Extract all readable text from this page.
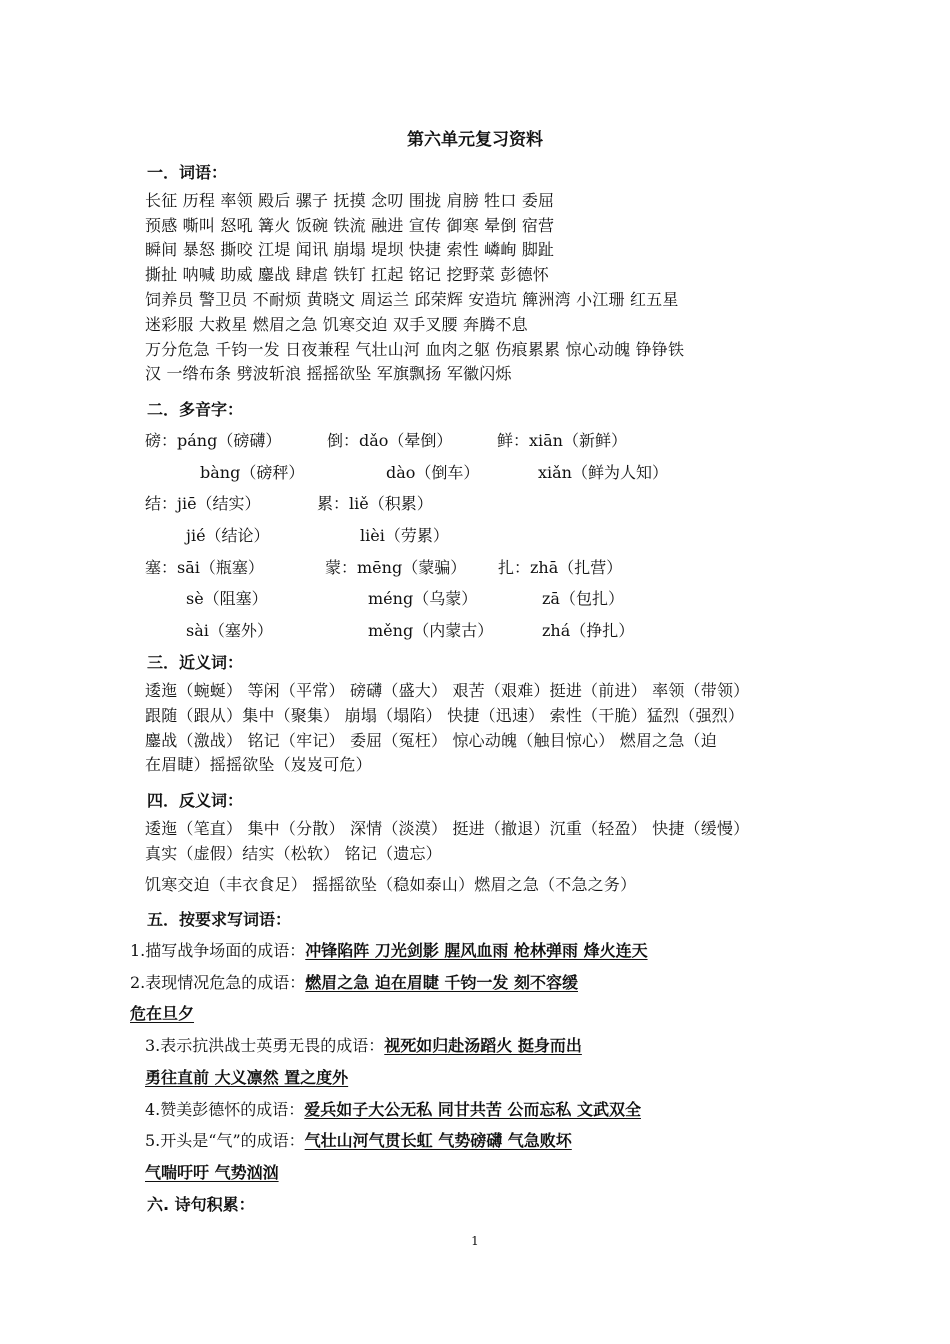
第六单元复习资料
一．词语：
长征 历程 率领 殿后 骡子 抚摸 念叨 围拢 肩膀 牲口 委屈
预感 嘶叫 怒吼 篝火 饭碗 铁流 融进 宣传 御寒 晕倒 宿营
瞬间 暴怒 撕咬 江堤 闻讯 崩塌 堤坝 快捷 索性 嶙峋 脚趾
撕扯 呐喊 助威 鏖战 肆虐 铁钉 扛起 铭记 挖野菜 彭德怀
饲养员 警卫员 不耐烦 黄晓文 周运兰 邱荣辉 安造坑 簰洲湾 小江珊 红五星
迷彩服 大救星 燃眉之急 饥寒交迫 双手叉腰 奔腾不息
万分危急 千钧一发 日夜兼程 气壮山河 血肉之躯 伤痕累累 惊心动魄 铮铮铁
汉 一绺布条 劈波斩浪 摇摇欲坠 军旗飘扬 军徽闪烁
二．多音字：
磅：páng（磅礴）	倒：dǎo（晕倒）	鲜：xiān（新鲜）
bàng（磅秤）	dào（倒车）	xiǎn（鲜为人知）
结：jiē（结实）	累：liě（积累）
jié（结论）	lièi（劳累）
塞：sāi（瓶塞）	蒙：mēng（蒙骗） 扎：zhā（扎营）
sè（阻塞）	méng（乌蒙）	zā（包扎）
sài（塞外）	měng（内蒙古）	zhá（挣扎）
三．近义词：
逶迤（蜿蜒） 等闲（平常） 磅礴（盛大） 艰苦（艰难）挺进（前进） 率领（带领）
跟随（跟从）集中（聚集） 崩塌（塌陷） 快捷（迅速） 索性（干脆）猛烈（强烈）
鏖战（激战） 铭记（牢记） 委屈（冤枉） 惊心动魄（触目惊心） 燃眉之急（迫
在眉睫）摇摇欲坠（岌岌可危）
四．反义词：
逶迤（笔直） 集中（分散） 深情（淡漠） 挺进（撤退）沉重（轻盈） 快捷（缓慢）
真实（虚假）结实（松软） 铭记（遗忘）
饥寒交迫（丰衣食足） 摇摇欲坠（稳如泰山）燃眉之急（不急之务）
五．按要求写词语：
1.描写战争场面的成语：冲锋陷阵 刀光剑影 腥风血雨 枪林弹雨 烽火连天
2.表现情况危急的成语：燃眉之急 迫在眉睫 千钧一发 刻不容缓
危在旦夕
3.表示抗洪战士英勇无畏的成语：视死如归赴汤蹈火 挺身而出
勇往直前 大义凛然 置之度外
4.赞美彭德怀的成语：爱兵如子大公无私 同甘共苦 公而忘私 文武双全
5.开头是“气”的成语：气壮山河气贯长虹 气势磅礴 气急败坏
气喘吁吁 气势汹汹
六. 诗句积累：
1
